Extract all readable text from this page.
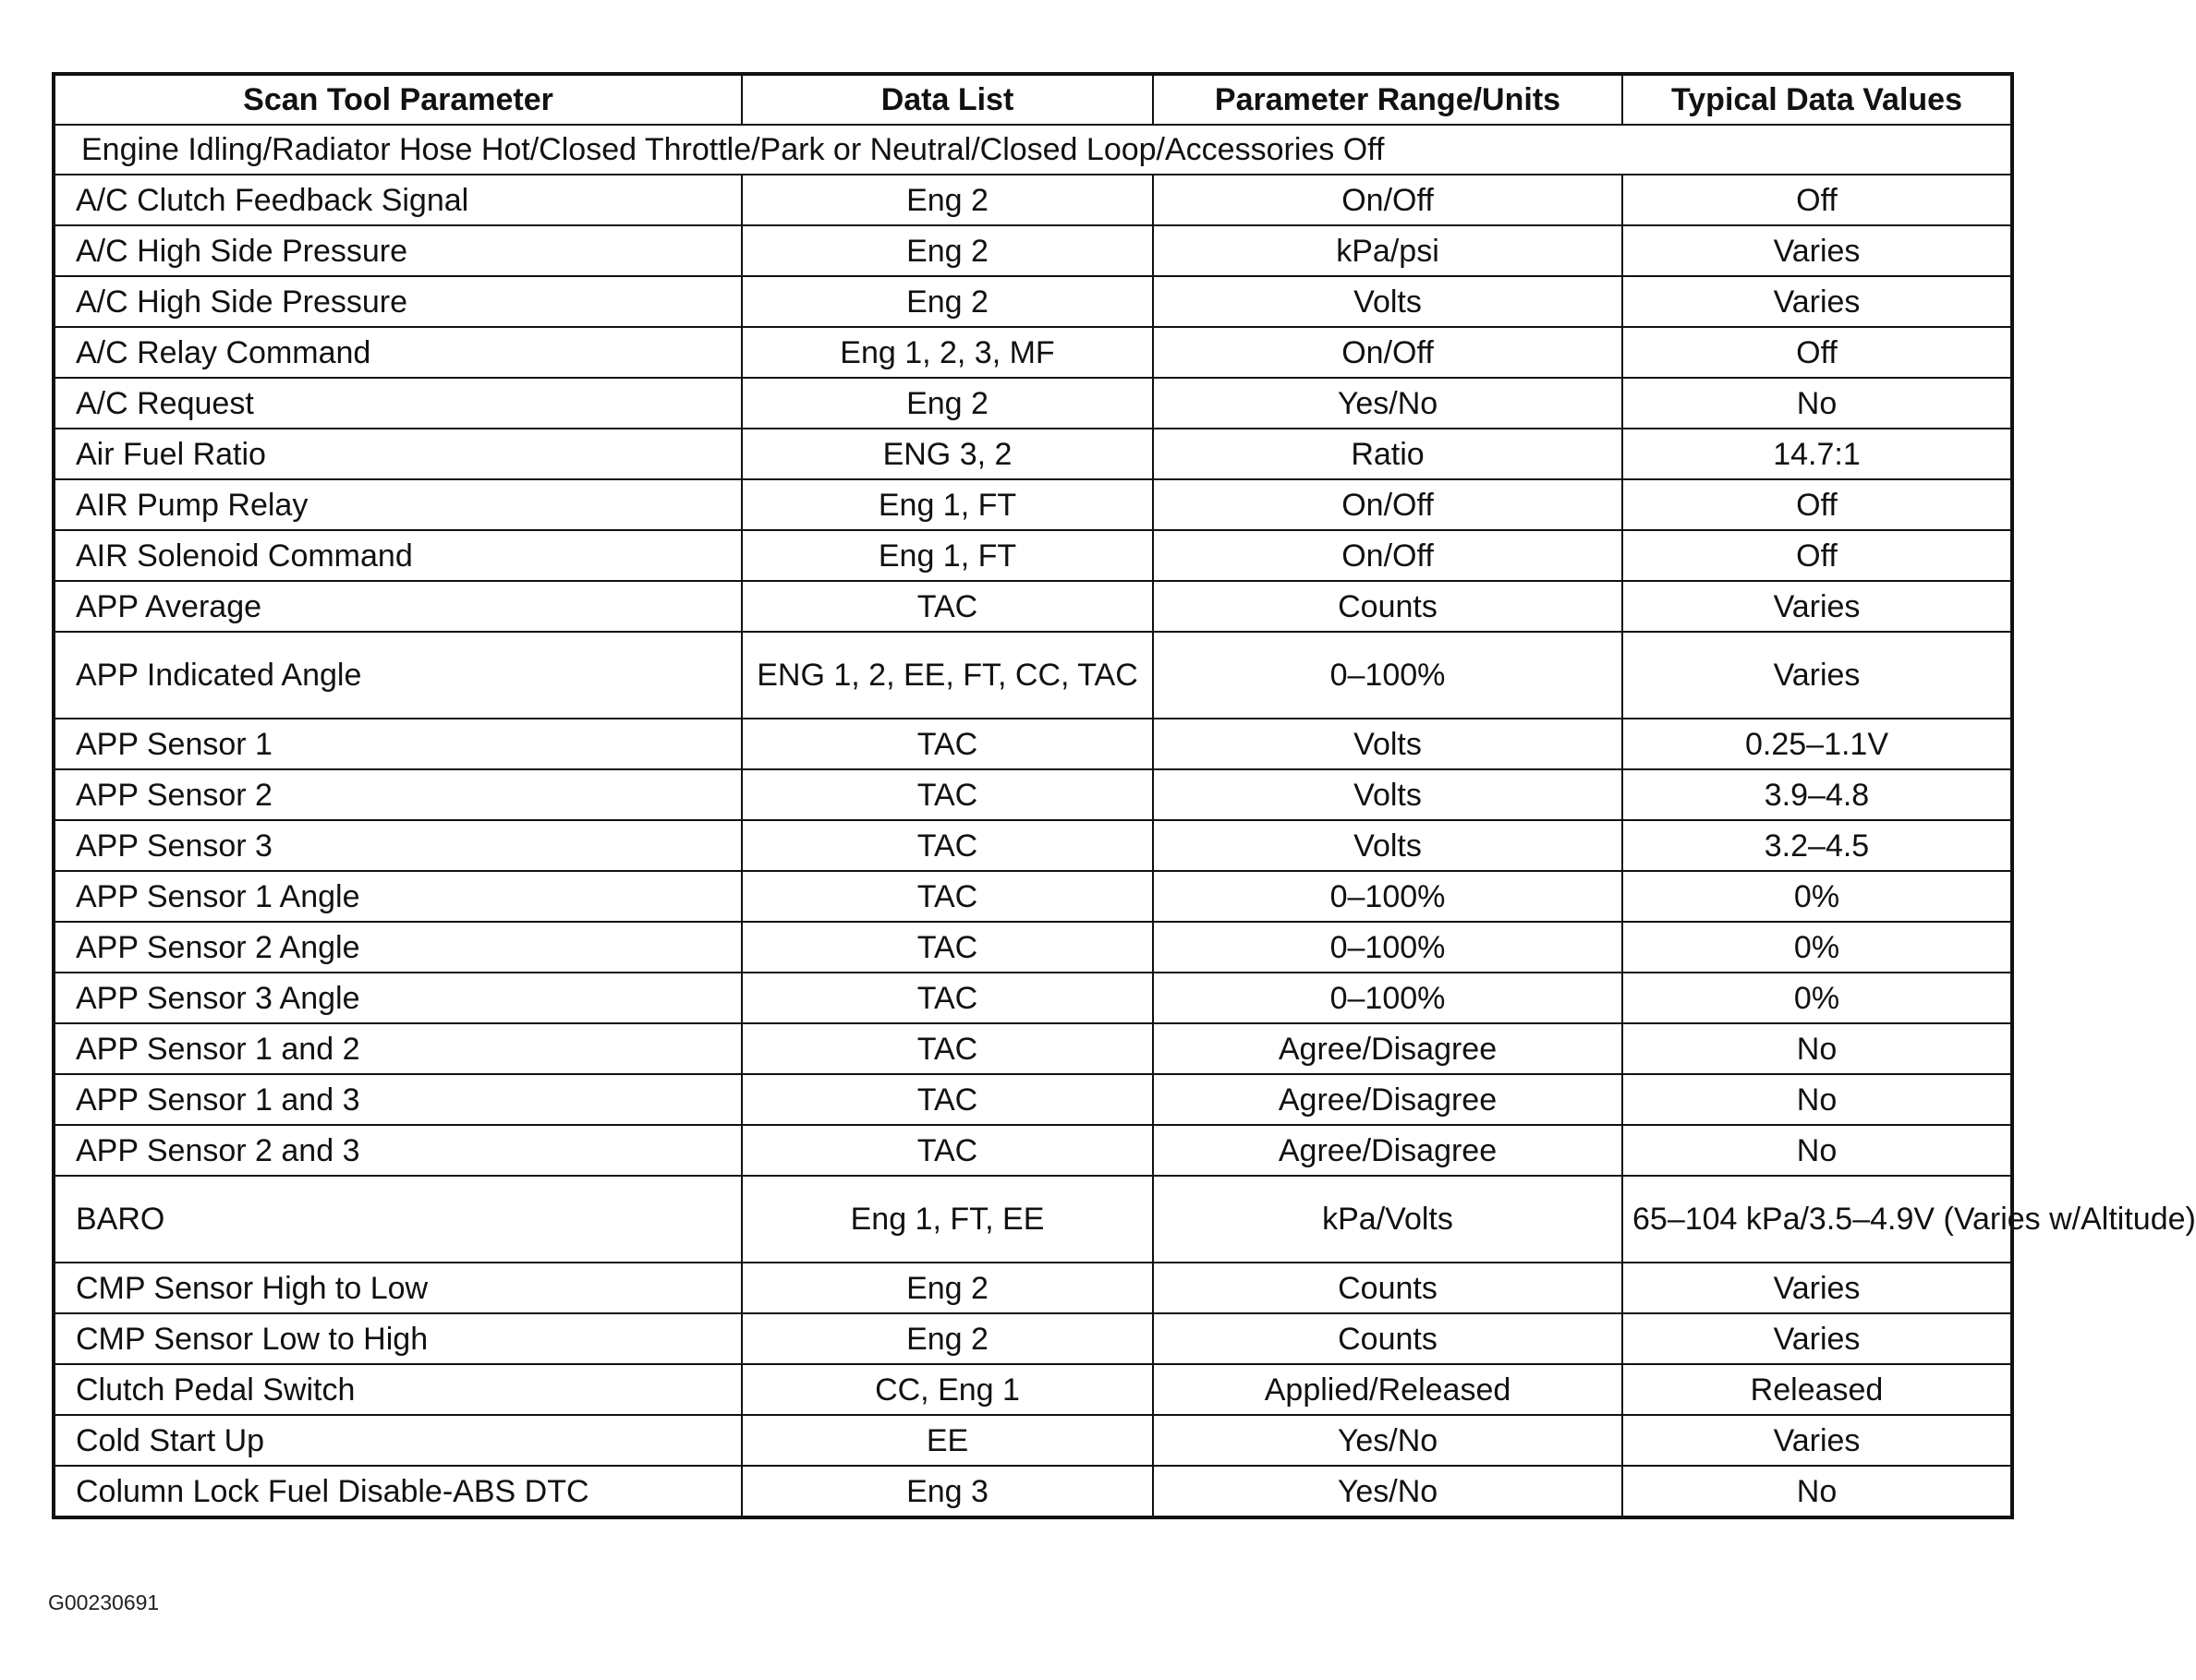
Scan Tool Parameter	Data List	Parameter Range/Units	Typical Data Values
Engine Idling/Radiator Hose Hot/Closed Throttle/Park or Neutral/Closed Loop/Accessories Off			
A/C Clutch Feedback Signal	Eng 2	On/Off	Off
A/C High Side Pressure	Eng 2	kPa/psi	Varies
A/C High Side Pressure	Eng 2	Volts	Varies
A/C Relay Command	Eng 1, 2, 3, MF	On/Off	Off
A/C Request	Eng 2	Yes/No	No
Air Fuel Ratio	ENG 3, 2	Ratio	14.7:1
AIR Pump Relay	Eng 1, FT	On/Off	Off
AIR Solenoid Command	Eng 1, FT	On/Off	Off
APP Average	TAC	Counts	Varies
APP Indicated Angle	ENG 1, 2, EE, FT, CC, TAC	0–100%	Varies
APP Sensor 1	TAC	Volts	0.25–1.1V
APP Sensor 2	TAC	Volts	3.9–4.8
APP Sensor 3	TAC	Volts	3.2–4.5
APP Sensor 1 Angle	TAC	0–100%	0%
APP Sensor 2 Angle	TAC	0–100%	0%
APP Sensor 3 Angle	TAC	0–100%	0%
APP Sensor 1 and 2	TAC	Agree/Disagree	No
APP Sensor 1 and 3	TAC	Agree/Disagree	No
APP Sensor 2 and 3	TAC	Agree/Disagree	No
BARO	Eng 1, FT, EE	kPa/Volts	65–104 kPa/3.5–4.9V (Varies w/Altitude)
CMP Sensor High to Low	Eng 2	Counts	Varies
CMP Sensor Low to High	Eng 2	Counts	Varies
Clutch Pedal Switch	CC, Eng 1	Applied/Released	Released
Cold Start Up	EE	Yes/No	Varies
Column Lock Fuel Disable-ABS DTC	Eng 3	Yes/No	No
G00230691
